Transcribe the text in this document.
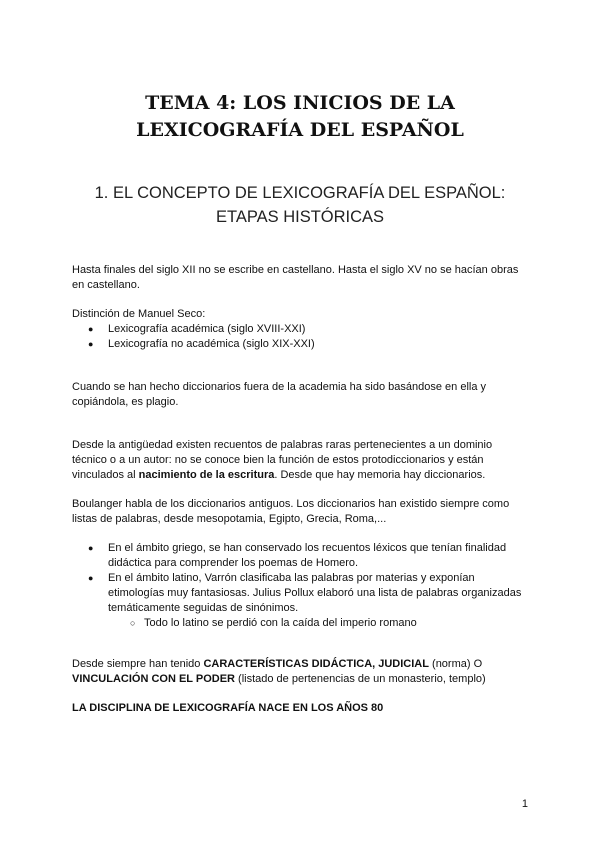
TEMA 4: LOS INICIOS DE LA
LEXICOGRAFÍA DEL ESPAÑOL
1. EL CONCEPTO DE LEXICOGRAFÍA DEL ESPAÑOL:
ETAPAS HISTÓRICAS
Hasta finales del siglo XII no se escribe en castellano. Hasta el siglo XV no se hacían obras
en castellano.
Distinción de Manuel Seco:
● Lexicografía académica (siglo XVIII-XXI)
● Lexicografía no académica (siglo XIX-XXI)
Cuando se han hecho diccionarios fuera de la academia ha sido basándose en ella y
copiándola, es plagio.
Desde la antigüedad existen recuentos de palabras raras pertenecientes a un dominio
técnico o a un autor: no se conoce bien la función de estos protodiccionarios y están
vinculados al nacimiento de la escritura. Desde que hay memoria hay diccionarios.
Boulanger habla de los diccionarios antiguos. Los diccionarios han existido siempre como
listas de palabras, desde mesopotamia, Egipto, Grecia, Roma,...
● En el ámbito griego, se han conservado los recuentos léxicos que tenían finalidad
didáctica para comprender los poemas de Homero.
● En el ámbito latino, Varrón clasificaba las palabras por materias y exponían
etimologías muy fantasiosas. Julius Pollux elaboró una lista de palabras organizadas
temáticamente seguidas de sinónimos.
○ Todo lo latino se perdió con la caída del imperio romano
Desde siempre han tenido CARACTERÍSTICAS DIDÁCTICA, JUDICIAL (norma) O
VINCULACIÓN CON EL PODER (listado de pertenencias de un monasterio, templo)
LA DISCIPLINA DE LEXICOGRAFÍA NACE EN LOS AÑOS 80
1
